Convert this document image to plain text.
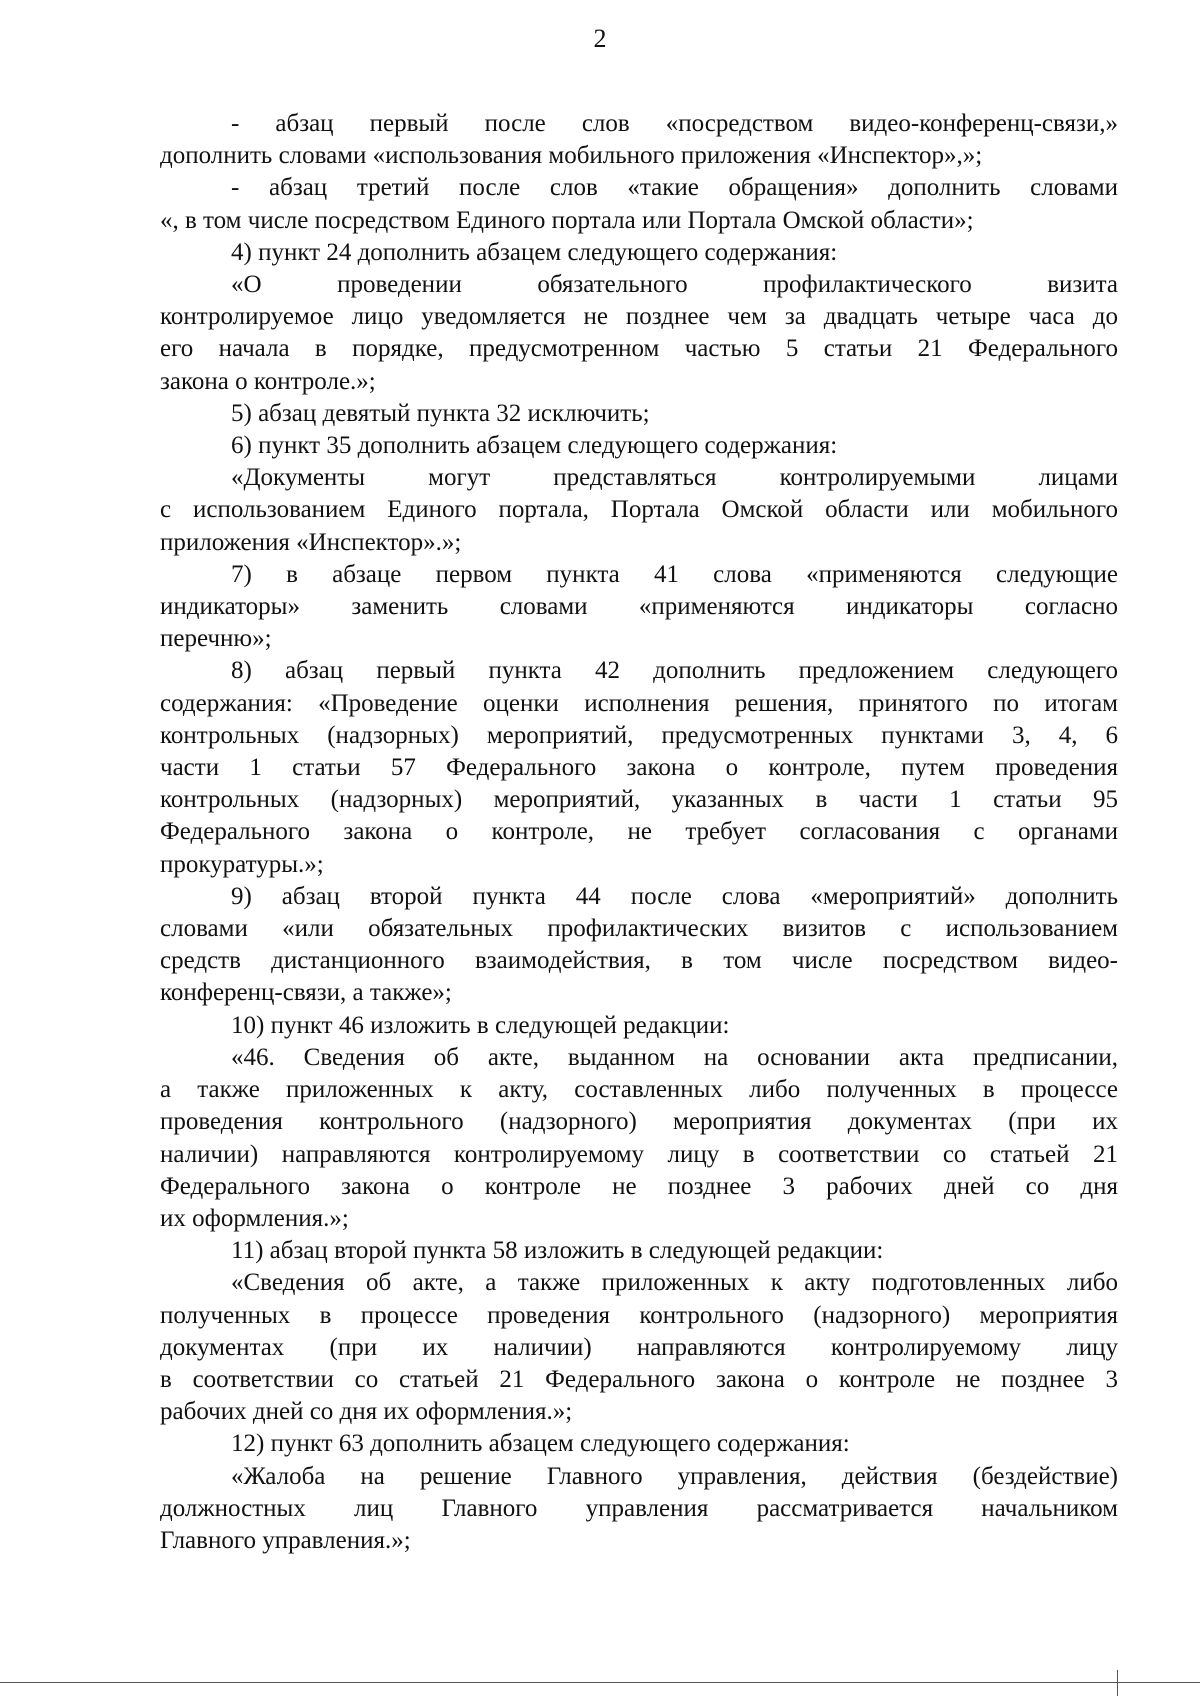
2

- абзац первый после слов «посредством видео-конференц-связи,»
дополнить словами «использования мобильного приложения «Инспектор»,»;

- абзац третий после слов «такие обращения» дополнить словами
«, в том числе посредством Единого портала или Портала Омской области»;

4) пункт 24 дополнить абзацем следующего содержания:

«О проведении обязательного профилактического визита
контролируемое лицо уведомляется не позднее чем за двадцать четыре часа до
его начала в порядке, предусмотренном частью 5 статьи 21 Федерального
закона о контроле.»;

5) абзац девятый пункта 32 исключить;

6) пункт 35 дополнить абзацем следующего содержания:

«Документы могут представляться контролируемыми лицами
с использованием Единого портала, Портала Омской области или мобильного
приложения «Инспектор».»;

7) в абзаце первом пункта 41 слова «применяются следующие
индикаторы» заменить словами «применяются индикаторы согласно
перечню»;

8) абзац первый пункта 42 дополнить предложением следующего
содержания: «Проведение оценки исполнения решения, принятого по итогам
контрольных (надзорных) мероприятий, предусмотренных пунктами 3, 4, 6
части 1 статьи 57 Федерального закона о контроле, путем проведения
контрольных (надзорных) мероприятий, указанных в части 1 статьи 95
Федерального закона о контроле, не требует согласования с органами
прокуратуры.»;

9) абзац второй пункта 44 после слова «мероприятий» дополнить
словами «или обязательных профилактических визитов с использованием
средств дистанционного взаимодействия, в том числе посредством видео-
конференц-связи, а также»;

10) пункт 46 изложить в следующей редакции:

«46. Сведения об акте, выданном на основании акта предписании,
а также приложенных к акту, составленных либо полученных в процессе
проведения контрольного (надзорного) мероприятия документах (при их
наличии) направляются контролируемому лицу в соответствии со статьей 21
Федерального закона о контроле не позднее 3 рабочих дней со дня
их оформления.»;

11) абзац второй пункта 58 изложить в следующей редакции:

«Сведения об акте, а также приложенных к акту подготовленных либо
полученных в процессе проведения контрольного (надзорного) мероприятия
документах (при их наличии) направляются контролируемому лицу
в соответствии со статьей 21 Федерального закона о контроле не позднее 3
рабочих дней со дня их оформления.»;

12) пункт 63 дополнить абзацем следующего содержания:

«Жалоба на решение Главного управления, действия (бездействие)
должностных лиц Главного управления рассматривается начальником
Главного управления.»;
